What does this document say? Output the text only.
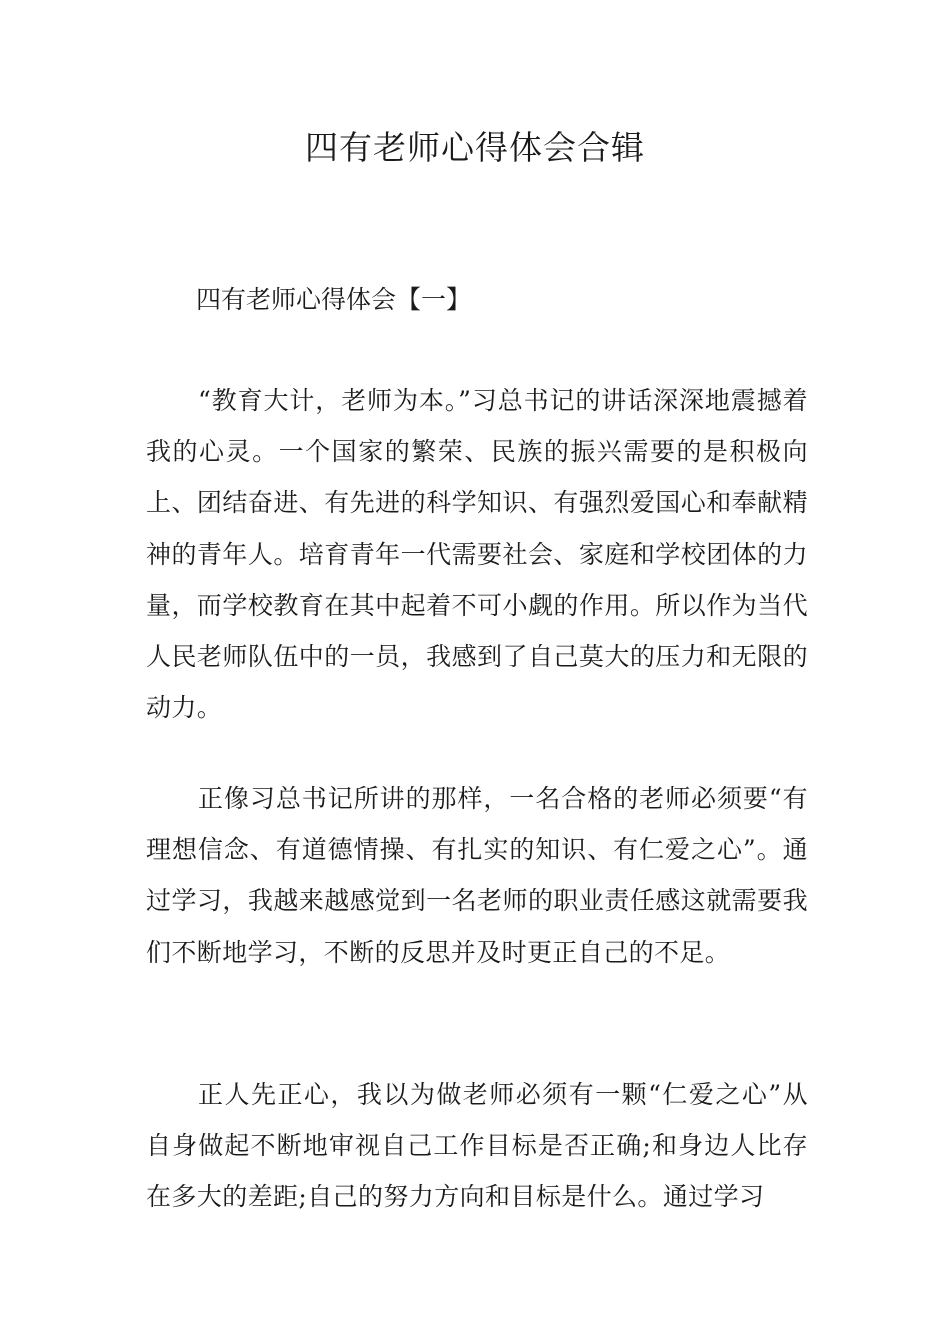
四有老师心得体会合辑
四有老师心得体会【一】

“教育大计，老师为本。”习总书记的讲话深深地震撼着我的心灵。一个国家的繁荣、民族的振兴需要的是积极向上、团结奋进、有先进的科学知识、有强烈爱国心和奉献精神的青年人。培育青年一代需要社会、家庭和学校团体的力量，而学校教育在其中起着不可小觑的作用。所以作为当代人民老师队伍中的一员，我感到了自己莫大的压力和无限的动力。

正像习总书记所讲的那样，一名合格的老师必须要“有理想信念、有道德情操、有扎实的知识、有仁爱之心”。通过学习，我越来越感觉到一名老师的职业责任感这就需要我们不断地学习，不断的反思并及时更正自己的不足。

正人先正心，我以为做老师必须有一颗“仁爱之心”从自身做起不断地审视自己工作目标是否正确;和身边人比存在多大的差距;自己的努力方向和目标是什么。通过学习
